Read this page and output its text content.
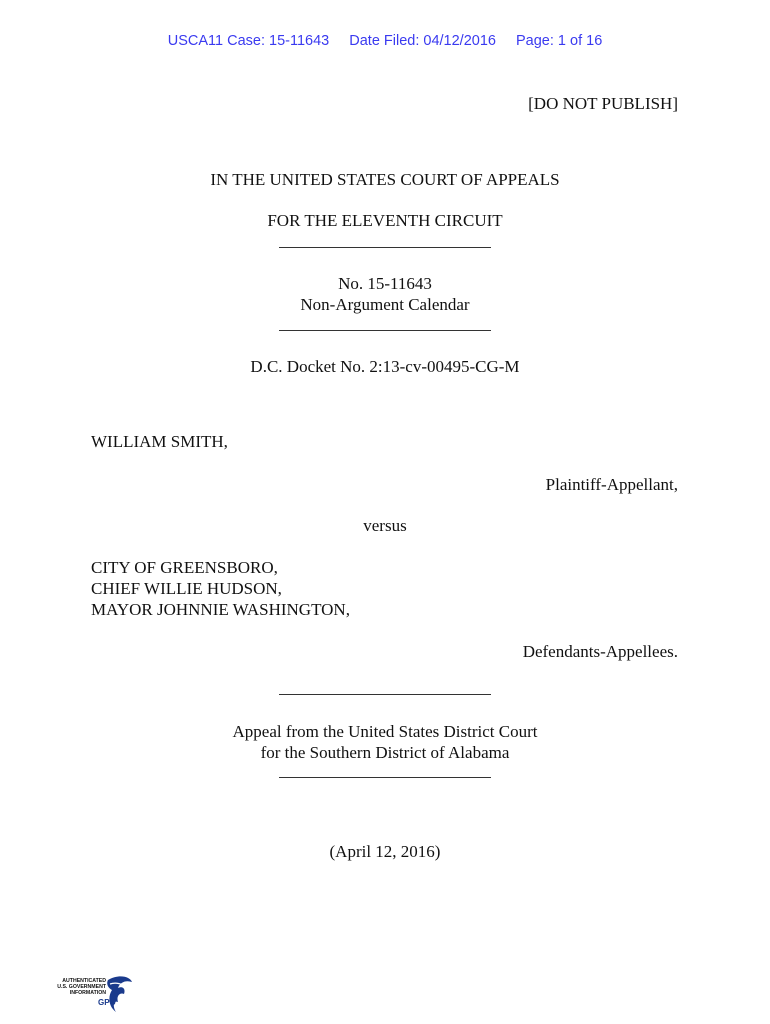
USCA11 Case: 15-11643 Date Filed: 04/12/2016 Page: 1 of 16
[DO NOT PUBLISH]
IN THE UNITED STATES COURT OF APPEALS
FOR THE ELEVENTH CIRCUIT
No. 15-11643
Non-Argument Calendar
D.C. Docket No. 2:13-cv-00495-CG-M
WILLIAM SMITH,
Plaintiff-Appellant,
versus
CITY OF GREENSBORO,
CHIEF WILLIE HUDSON,
MAYOR JOHNNIE WASHINGTON,
Defendants-Appellees.
Appeal from the United States District Court
for the Southern District of Alabama
(April 12, 2016)
AUTHENTICATED
U.S. GOVERNMENT
INFORMATION
GPO
